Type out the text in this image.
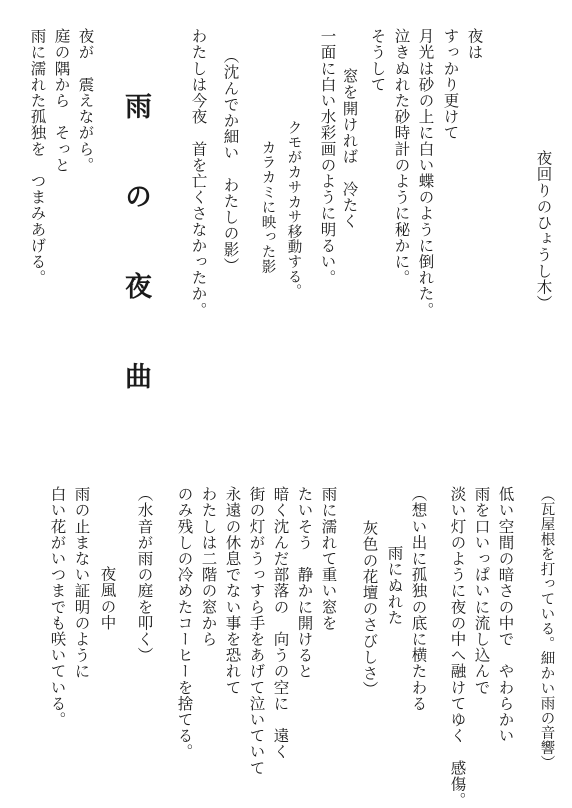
夜回りのひょうし木）
夜は
すっかり更けて
月光は砂の上に白い蝶のように倒れた。
泣きぬれた砂時計のように秘かに。
そうして
窓を開ければ　冷たく
一面に白い水彩画のように明るい。
クモがカサカサ移動する。
カラカミに映った影
（沈んでか細い　わたしの影）
わたしは今夜　首を亡くさなかったか。
雨 の 夜 曲
夜が　震えながら。
庭の隅から　そっと
雨に濡れた孤独を　つまみあげる。
（瓦屋根を打っている。細かい雨の音響）
低い空間の暗さの中で　やわらかい
雨を口いっぱいに流し込んで
淡い灯のように夜の中へ融けてゆく　感傷。
（想い出に孤独の底に横たわる
雨にぬれた
灰色の花壇のさびしさ）
雨に濡れて重い窓を
たいそう　静かに開けると
暗く沈んだ部落の　向うの空に　遠く
街の灯がうっすら手をあげて泣いていて
永遠の休息でない事を恐れて
わたしは二階の窓から
のみ残しの冷めたコーヒーを捨てる。
（水音が雨の庭を叩く）
夜風の中
雨の止まない証明のように
白い花がいつまでも咲いている。
